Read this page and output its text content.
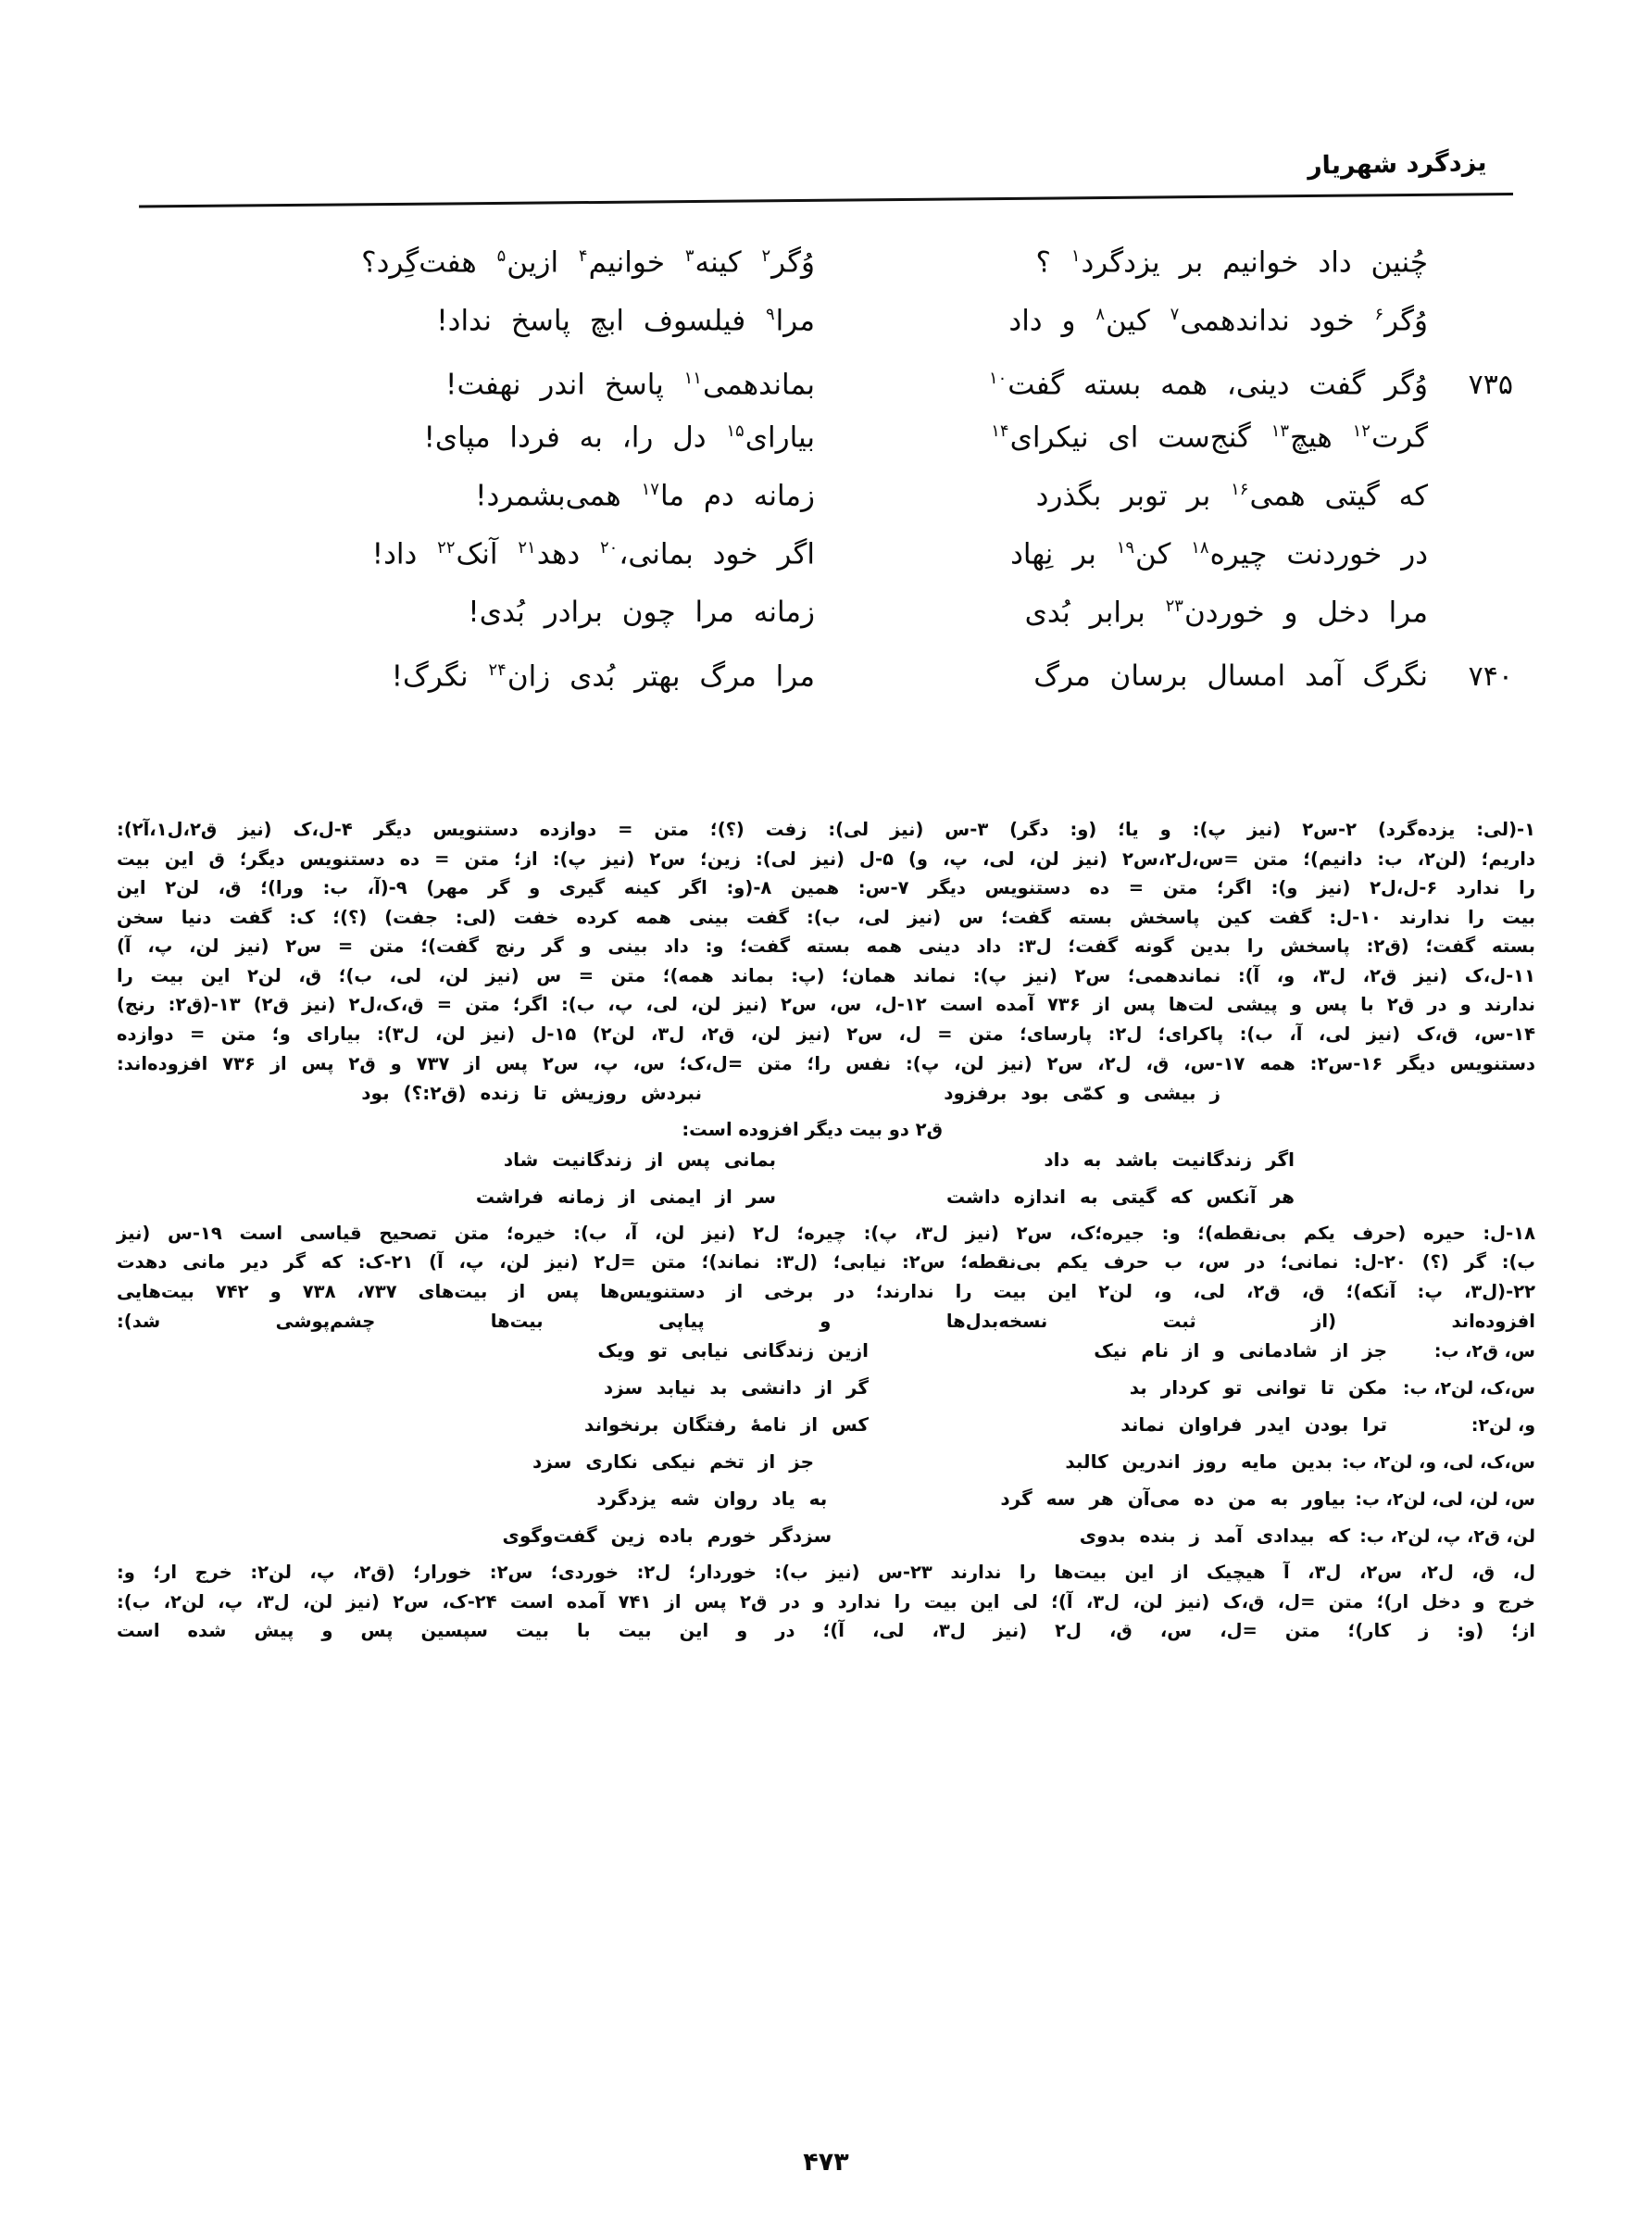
یزدگرد شهریار
چُنین داد خوانیم بر یزدگرد$^۱$ ؟
وُگر$^۲$ کینه$^۳$ خوانیم$^۴$ ازین$^۵$ هفت‌گِرد؟
وُگر$^۶$ خود نداندهمی$^۷$ کین$^۸$ و داد
مرا$^۹$ فیلسوف ابچ پاسخ نداد!
۷۳۵
وُگر گفت دینی، همه بسته گفت$^{۱۰}$
بماندهمی$^{۱۱}$ پاسخ اندر نهفت!
گرت$^{۱۲}$ هیچ$^{۱۳}$ گنج‌ست ای نیکرای$^{۱۴}$
بیارای$^{۱۵}$ دل را، به فردا مپای!
که گیتی همی$^{۱۶}$ بر توبر بگذرد
زمانه دم ما$^{۱۷}$ همی‌بشمرد!
در خوردنت چیره$^{۱۸}$ کن$^{۱۹}$ بر نِهاد
اگر خود بمانی،$^{۲۰}$ دهد$^{۲۱}$ آنک$^{۲۲}$ داد!
مرا دخل و خوردن$^{۲۳}$ برابر بُدی
زمانه مرا چون برادر بُدی!
۷۴۰
نگرگ آمد امسال برسان مرگ
مرا مرگ بهتر بُدی زان$^{۲۴}$ نگرگ!
۱-(لی: یزده‌گرد) ۲-س۲ (نیز پ): و یا؛ (و: دگر) ۳-س (نیز لی): زفت (؟)؛ متن = دوازده دستنویس دیگر ۴-ل،ک (نیز ق۲،ل۱،آ۲):
داریم؛ (لن۲، ب: دانیم)؛ متن =س،ل۲،س۲ (نیز لن، لی، پ، و) ۵-ل (نیز لی): زین؛ س۲ (نیز پ): از؛ متن = ده دستنویس دیگر؛ ق این بیت
را ندارد ۶-ل،ل۲ (نیز و): اگر؛ متن = ده دستنویس دیگر ۷-س: همین ۸-(و: اگر کینه گیری و گر مهر) ۹-(آ، ب: ورا)؛ ق، لن۲ این
بیت را ندارند ۱۰-ل: گفت کین پاسخش بسته گفت؛ س (نیز لی، ب): گفت بینی همه کرده خفت (لی: جفت) (؟)؛ ک: گفت دنیا سخن
بسته گفت؛ (ق۲: پاسخش را بدین گونه گفت؛ ل۳: داد دینی همه بسته گفت؛ و: داد بینی و گر رنج گفت)؛ متن = س۲ (نیز لن، پ، آ)
۱۱-ل،ک (نیز ق۲، ل۳، و، آ): نماندهمی؛ س۲ (نیز پ): نماند همان؛ (پ: بماند همه)؛ متن = س (نیز لن، لی، ب)؛ ق، لن۲ این بیت را
ندارند و در ق۲ با پس و پیشی لت‌ها پس از ۷۳۶ آمده است ۱۲-ل، س، س۲ (نیز لن، لی، پ، ب): اگر؛ متن = ق،ک،ل۲ (نیز ق۲) ۱۳-(ق۲: رنج)
۱۴-س، ق،ک (نیز لی، آ، ب): پاکرای؛ ل۲: پارسای؛ متن = ل، س۲ (نیز لن، ق۲، ل۳، لن۲) ۱۵-ل (نیز لن، ل۳): بیارای و؛ متن = دوازده
دستنویس دیگر ۱۶-س۲: همه ۱۷-س، ق، ل۲، س۲ (نیز لن، پ): نفس را؛ متن =ل،ک؛ س، پ، س۲ پس از ۷۳۷ و ق۲ پس از ۷۳۶ افزوده‌اند:
ز بیشی و کمّی بود برفزود
نبردش روزیش تا زنده (ق۲:؟) بود
ق۲ دو بیت دیگر افزوده است:
اگر زندگانیت باشد به داد
بمانی پس از زندگانیت شاد
هر آنکس که گیتی به اندازه داشت
سر از ایمنی از زمانه فراشت
۱۸-ل: حیره (حرف یکم بی‌نقطه)؛ و: جیره؛ک، س۲ (نیز ل۳، پ): چیره؛ ل۲ (نیز لن، آ، ب): خیره؛ متن تصحیح قیاسی است ۱۹-س (نیز
ب): گر (؟) ۲۰-ل: نمانی؛ در س، ب حرف یکم بی‌نقطه؛ س۲: نیابی؛ (ل۳: نماند)؛ متن =ل۲ (نیز لن، پ، آ) ۲۱-ک: که گر دیر مانی دهدت
۲۲-(ل۳، پ: آنکه)؛ ق، ق۲، لی، و، لن۲ این بیت را ندارند؛ در برخی از دستنویس‌ها پس از بیت‌های ۷۳۷، ۷۳۸ و ۷۴۲ بیت‌هایی
افزوده‌اند (از ثبت نسخه‌بدل‌ها و پیاپی بیت‌ها چشم‌پوشی شد):
س، ق۲، ب:
جز از شادمانی و از نام نیک
ازین زندگانی نیابی تو ویک
س،ک، لن۲، ب:
مکن تا توانی تو کردار بد
گر از دانشی بد نیابد سزد
و، لن۲:
ترا بودن ایدر فراوان نماند
کس از نامهٔ رفتگان برنخواند
س،ک، لی، و، لن۲، ب:
بدین مایه روز اندرین کالبد
جز از تخم نیکی نکاری سزد
س، لن، لی، لن۲، ب:
بیاور به من ده می‌آن هر سه گرد
به یاد روان شه یزدگرد
لن، ق۲، پ، لن۲، ب:
که بیدادی آمد ز بنده بدوی
سزدگر خورم باده زین گفت‌وگوی
ل، ق، ل۲، س۲، ل۳، آ هیچیک از این بیت‌ها را ندارند ۲۳-س (نیز ب): خوردار؛ ل۲: خوردی؛ س۲: خورار؛ (ق۲، پ، لن۲: خرج ار؛ و:
خرج و دخل ار)؛ متن =ل، ق،ک (نیز لن، ل۳، آ)؛ لی این بیت را ندارد و در ق۲ پس از ۷۴۱ آمده است ۲۴-ک، س۲ (نیز لن، ل۳، پ، لن۲، ب):
از؛ (و: ز کار)؛ متن =ل، س، ق، ل۲ (نیز ل۳، لی، آ)؛ در و این بیت با بیت سپسین پس و پیش شده است
۴۷۳
